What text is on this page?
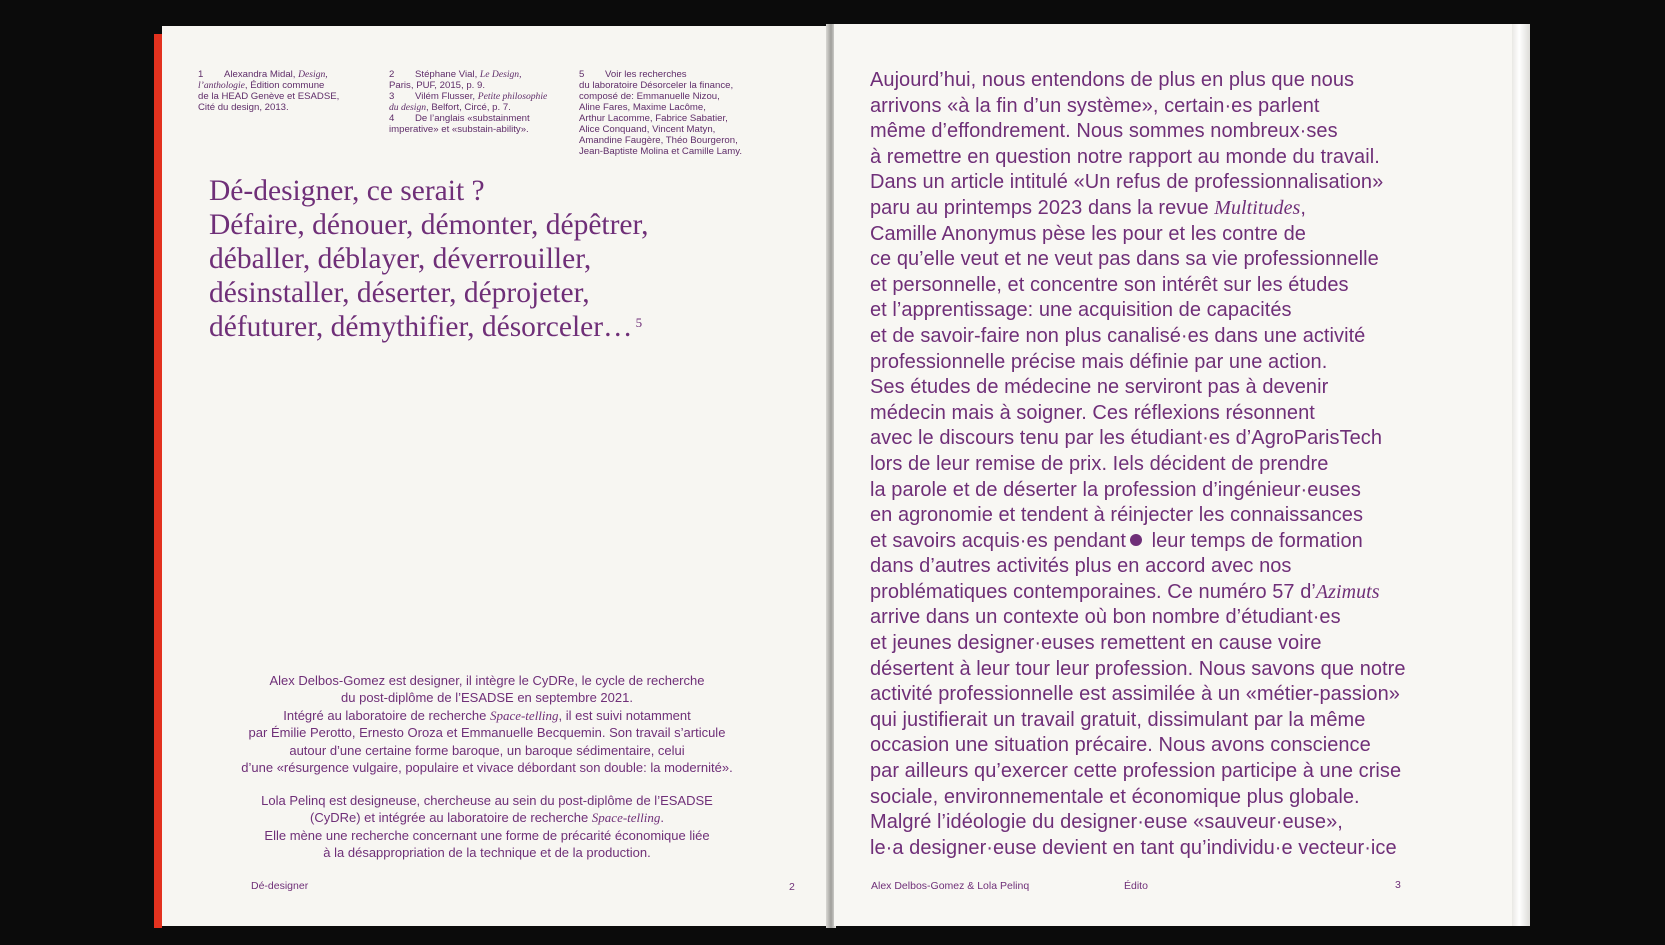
1 Alexandra Midal, Design,
l’anthologie, Édition commune
de la HEAD Genève et ESADSE,
Cité du design, 2013.
2 Stéphane Vial, Le Design,
Paris, PUF, 2015, p. 9.
3 Vilém Flusser, Petite philosophie
du design, Belfort, Circé, p. 7.
4 De l’anglais «substainment
imperative» et «substain-ability».
5 Voir les recherches
du laboratoire Désorceler la finance,
composé de: Emmanuelle Nizou,
Aline Fares, Maxime Lacôme,
Arthur Lacomme, Fabrice Sabatier,
Alice Conquand, Vincent Matyn,
Amandine Faugère, Théo Bourgeron,
Jean-Baptiste Molina et Camille Lamy.
Dé-designer, ce serait ?
Défaire, dénouer, démonter, dépêtrer,
déballer, déblayer, déverrouiller,
désinstaller, déserter, déprojeter,
défuturer, démythifier, désorceler… $^5$
Alex Delbos-Gomez est designer, il intègre le CyDRe, le cycle de recherche
du post-diplôme de l’ESADSE en septembre 2021.
Intégré au laboratoire de recherche Space-telling, il est suivi notamment
par Émilie Perotto, Ernesto Oroza et Emmanuelle Becquemin. Son travail s’articule
autour d’une certaine forme baroque, un baroque sédimentaire, celui
d’une «résurgence vulgaire, populaire et vivace débordant son double: la modernité».
Lola Pelinq est designeuse, chercheuse au sein du post-diplôme de l’ESADSE
(CyDRe) et intégrée au laboratoire de recherche Space-telling.
Elle mène une recherche concernant une forme de précarité économique liée
à la désappropriation de la technique et de la production.
Dé-designer	2
Aujourd’hui, nous entendons de plus en plus que nous
arrivons «à la fin d’un système», certain·es parlent
même d’effondrement. Nous sommes nombreux·ses
à remettre en question notre rapport au monde du travail.
Dans un article intitulé «Un refus de professionnalisation»
paru au printemps 2023 dans la revue Multitudes,
Camille Anonymus pèse les pour et les contre de
ce qu’elle veut et ne veut pas dans sa vie professionnelle
et personnelle, et concentre son intérêt sur les études
et l’apprentissage: une acquisition de capacités
et de savoir-faire non plus canalisé·es dans une activité
professionnelle précise mais définie par une action.
Ses études de médecine ne serviront pas à devenir
médecin mais à soigner. Ces réflexions résonnent
avec le discours tenu par les étudiant·es d’AgroParisTech
lors de leur remise de prix. Iels décident de prendre
la parole et de déserter la profession d’ingénieur·euses
en agronomie et tendent à réinjecter les connaissances
et savoirs acquis·es pendant leur temps de formation
dans d’autres activités plus en accord avec nos
problématiques contemporaines. Ce numéro 57 d’Azimuts
arrive dans un contexte où bon nombre d’étudiant·es
et jeunes designer·euses remettent en cause voire
désertent à leur tour leur profession. Nous savons que notre
activité professionnelle est assimilée à un «métier-passion»
qui justifierait un travail gratuit, dissimulant par la même
occasion une situation précaire. Nous avons conscience
par ailleurs qu’exercer cette profession participe à une crise
sociale, environnementale et économique plus globale.
Malgré l’idéologie du designer·euse «sauveur·euse»,
le·a designer·euse devient en tant qu’individu·e vecteur·ice
Alex Delbos-Gomez & Lola Pelinq	Édito	3
